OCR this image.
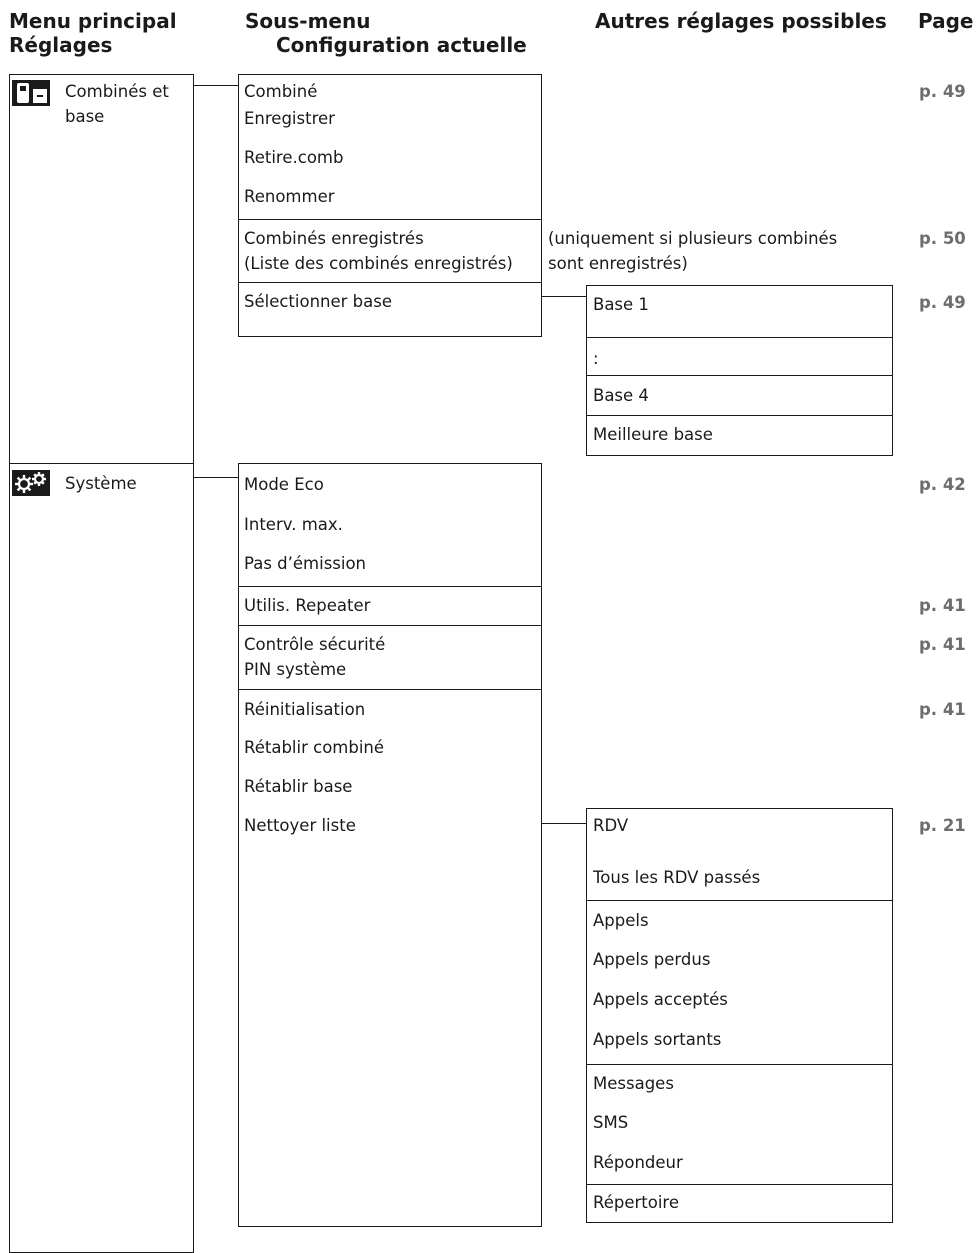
Menu principal
Réglages
Sous-menu
Configuration actuelle
Autres réglages possibles Page
Combinés et
base
Système
Combiné
Enregistrer
Retire.comb
Renommer
Combinés enregistrés
(Liste des combinés enregistrés)
Sélectionner base
(uniquement si plusieurs combinés
sont enregistrés)
Base 1
:
Base 4
Meilleure base
Mode Eco
Interv. max.
Pas d’émission
Utilis. Repeater
Contrôle sécurité
PIN système
Réinitialisation
Rétablir combiné
Rétablir base
Nettoyer liste	RDV
Tous les RDV passés
Appels
Appels perdus
Appels acceptés
Appels sortants
Messages
SMS
Répondeur
Répertoire
p. 49
p. 50
p. 49
p. 42
p. 41
p. 41
p. 41
p. 21
